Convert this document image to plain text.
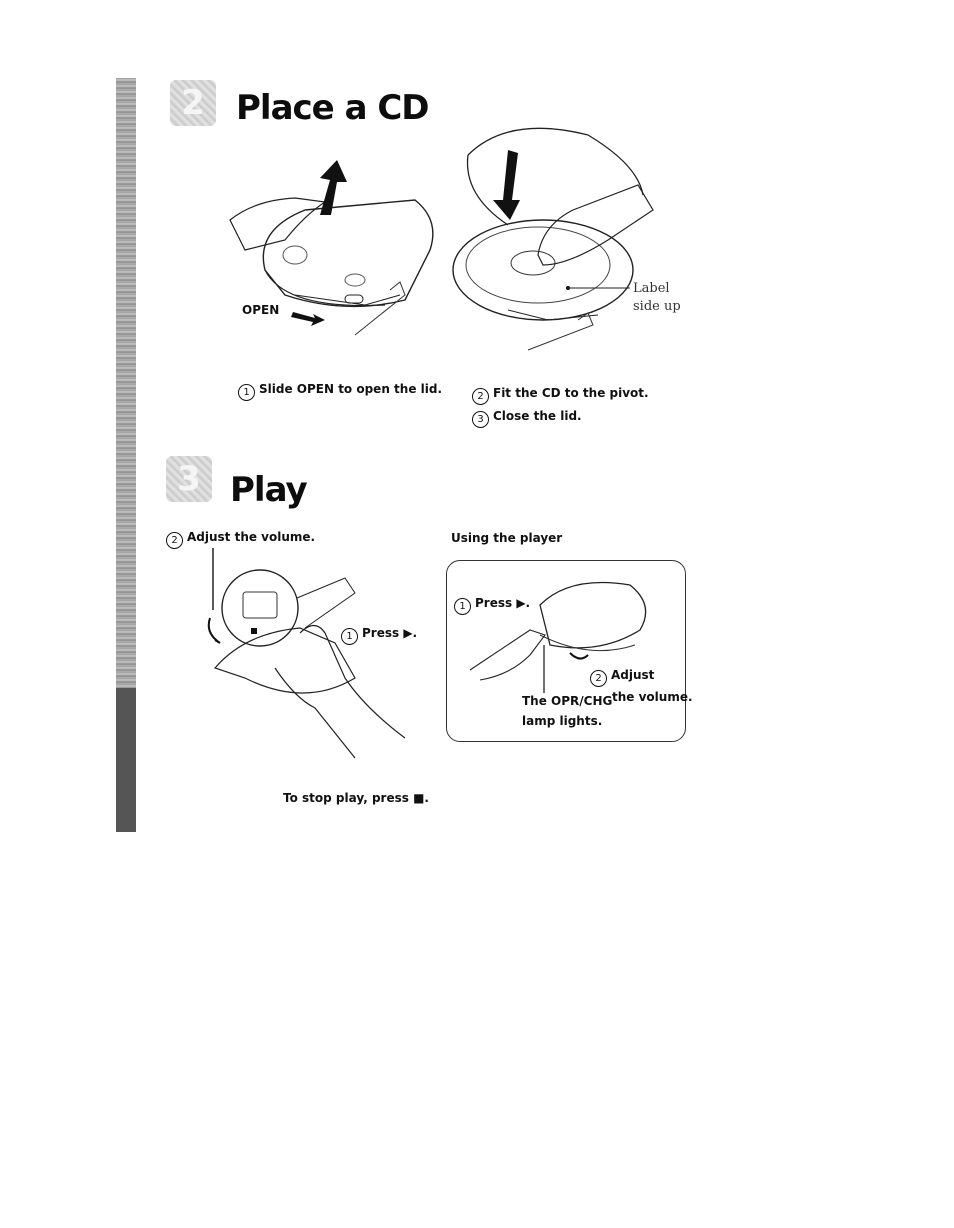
2 Place a CD
OPEN
Label
side up
1 Slide OPEN to open the lid.
2 Fit the CD to the pivot.
3 Close the lid.
3 Play
2 Adjust the volume.
1 Press ▶.
Using the player
1 Press ▶.
2 Adjust
the volume.
The OPR/CHG
lamp lights.
To stop play, press ■.
